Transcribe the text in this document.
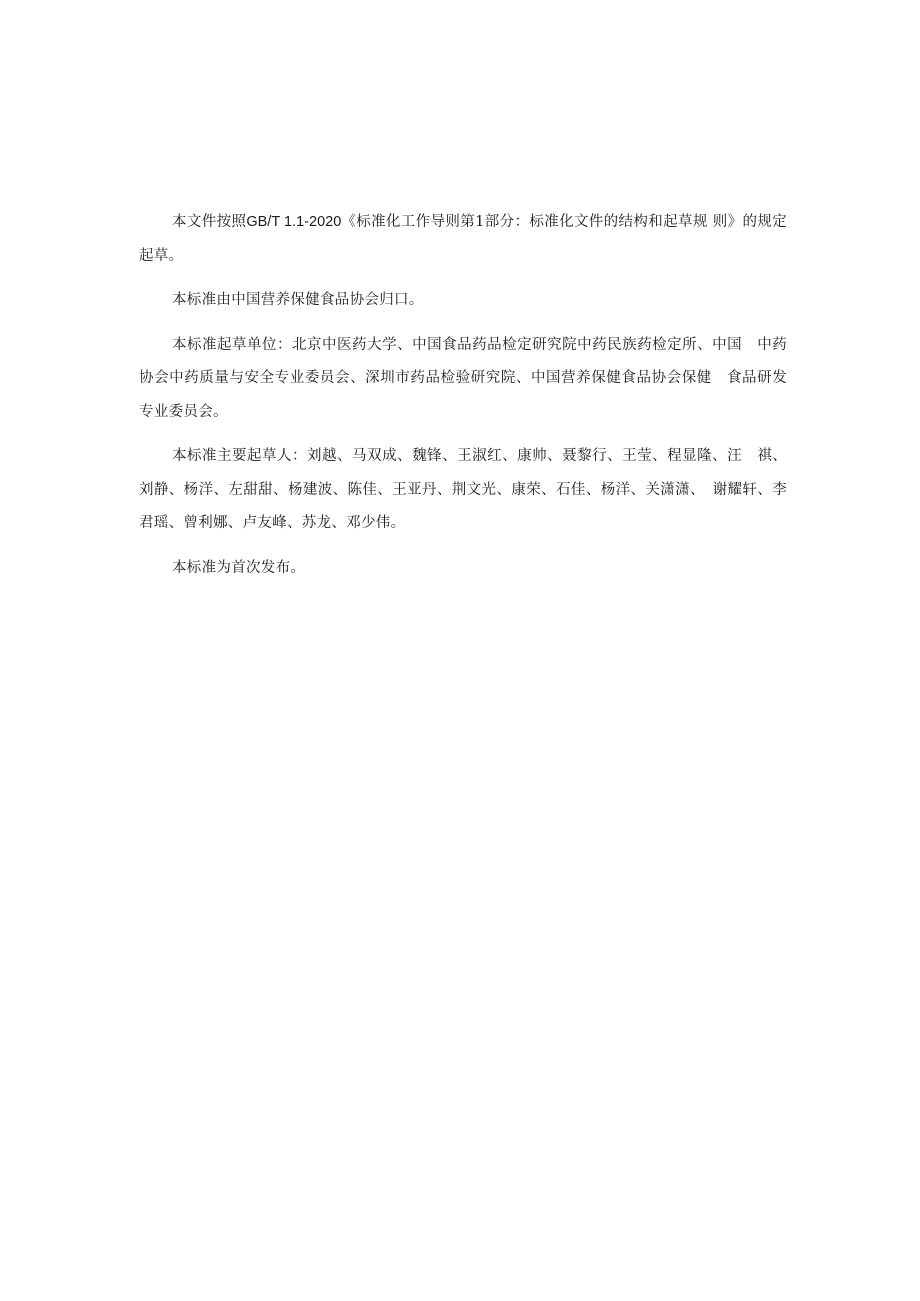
本文件按照GB/T 1.1-2020《标准化工作导则第1部分：标准化文件的结构和起草规 则》的规定起草。

本标准由中国营养保健食品协会归口。

本标准起草单位：北京中医药大学、中国食品药品检定研究院中药民族药检定所、中国　中药协会中药质量与安全专业委员会、深圳市药品检验研究院、中国营养保健食品协会保健　食品研发专业委员会。

本标准主要起草人：刘越、马双成、魏锋、王淑红、康帅、聂黎行、王莹、程显隆、汪　祺、刘静、杨洋、左甜甜、杨建波、陈佳、王亚丹、荆文光、康荣、石佳、杨洋、关潇潇、　谢耀轩、李君瑶、曾利娜、卢友峰、苏龙、邓少伟。

本标准为首次发布。
